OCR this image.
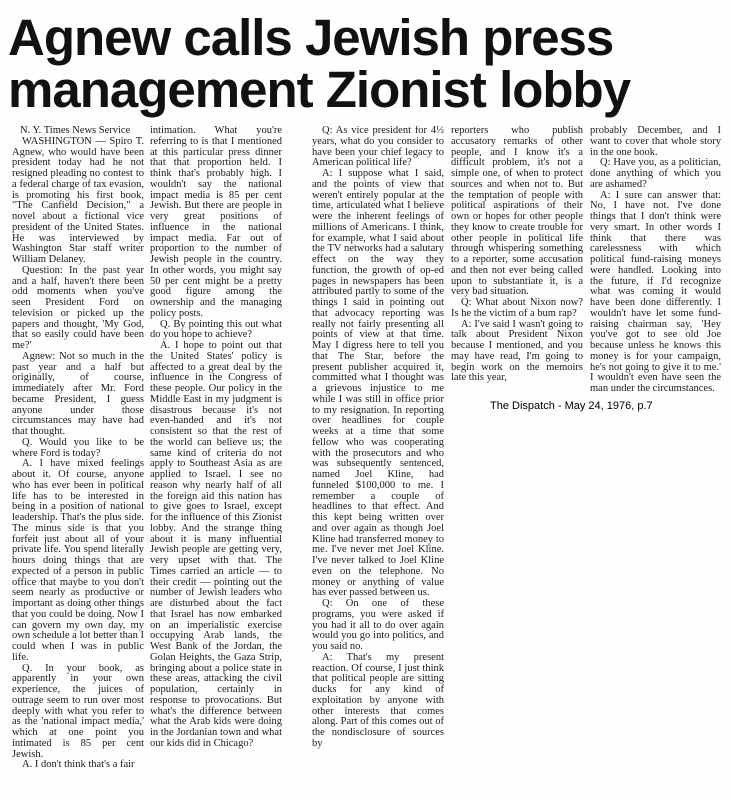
Agnew calls Jewish press management Zionist lobby

N. Y. Times News Service

WASHINGTON — Spiro T. Agnew, who would have been president today had he not resigned pleading no contest to a federal charge of tax evasion, is promoting his first book, "The Canfield Decision," a novel about a fictional vice president of the United States. He was interviewed by Washington Star staff writer William Delaney.

Question: In the past year and a half, haven't there been odd moments when you've seen President Ford on television or picked up the papers and thought, 'My God, that so easily could have been me?'

Agnew: Not so much in the past year and a half but originally, of course, immediately after Mr. Ford became President, I guess anyone under those circumstances may have had that thought.

Q. Would you like to be where Ford is today?

A. I have mixed feelings about it. Of course, anyone who has ever been in political life has to be interested in being in a position of national leadership. That's the plus side. The minus side is that you forfeit just about all of your private life. You spend literally hours doing things that are expected of a person in public office that maybe to you don't seem nearly as productive or important as doing other things that you could be doing. Now I can govern my own day, my own schedule a lot better than I could when I was in public life.

Q. In your book, as apparently in your own experience, the juices of outrage seem to run over most deeply with what you refer to as the 'national impact media,' which at one point you intimated is 85 per cent Jewish.

A. I don't think that's a fair

intimation. What you're referring to is that I mentioned at this particular press dinner that that proportion held. I think that's probably high. I wouldn't say the national impact media is 85 per cent Jewish. But there are people in very great positions of influence in the national impact media. Far out of proportion to the number of Jewish people in the country. In other words, you might say 50 per cent might be a pretty good figure among the ownership and the managing policy posts.

Q. By pointing this out what do you hope to achieve?

A. I hope to point out that the United States' policy is affected to a great deal by the influence in the Congress of these people. Our policy in the Middle East in my judgment is disastrous because it's not even-handed and it's not consistent so that the rest of the world can believe us; the same kind of criteria do not apply to Southeast Asia as are applied to Israel. I see no reason why nearly half of all the foreign aid this nation has to give goes to Israel, except for the influence of this Zionist lobby. And the strange thing about it is many influential Jewish people are getting very, very upset with that. The Times carried an article — to their credit — pointing out the number of Jewish leaders who are disturbed about the fact that Israel has now embarked on an imperialistic exercise occupying Arab lands, the West Bank of the Jordan, the Golan Heights, the Gaza Strip, bringing about a police state in these areas, attacking the civil population, certainly in response to provocations. But what's the difference between what the Arab kids were doing in the Jordanian town and what our kids did in Chicago?

Q: As vice president for 4½ years, what do you consider to have been your chief legacy to American political life?

A: I suppose what I said, and the points of view that weren't entirely popular at the time, articulated what I believe were the inherent feelings of millions of Americans. I think, for example, what I said about the TV networks had a salutary effect on the way they function, the growth of op-ed pages in newspapers has been attributed partly to some of the things I said in pointing out that advocacy reporting was really not fairly presenting all points of view at that time. May I digress here to tell you that The Star, before the present publisher acquired it, committed what I thought was a grievous injustice to me while I was still in office prior to my resignation. In reporting over headlines for couple weeks at a time that some fellow who was cooperating with the prosecutors and who was subsequently sentenced, named Joel Kline, had funneled $100,000 to me. I remember a couple of headlines to that effect. And this kept being written over and over again as though Joel Kline had transferred money to me. I've never met Joel Kline. I've never talked to Joel Kline even on the telephone. No money or anything of value has ever passed between us.

Q: On one of these programs, you were asked if you had it all to do over again would you go into politics, and you said no.

A: That's my present reaction. Of course, I just think that political people are sitting ducks for any kind of exploitation by anyone with other interests that comes along. Part of this comes out of the nondisclosure of sources by

reporters who publish accusatory remarks of other people, and I know it's a difficult problem, it's not a simple one, of when to protect sources and when not to. But the temptation of people with political aspirations of their own or hopes for other people they know to create trouble for other people in political life through whispering something to a reporter, some accusation and then not ever being called upon to substantiate it, is a very bad situation.

Q: What about Nixon now? Is he the victim of a bum rap?

A: I've said I wasn't going to talk about President Nixon because I mentioned, and you may have read, I'm going to begin work on the memoirs late this year,

probably December, and I want to cover that whole story in the one book.

Q: Have you, as a politician, done anything of which you are ashamed?

A: I sure can answer that: No, I have not. I've done things that I don't think were very smart. In other words I think that there was carelessness with which political fund-raising moneys were handled. Looking into the future, if I'd recognize what was coming it would have been done differently. I wouldn't have let some fund-raising chairman say, 'Hey you've got to see old Joe because unless he knows this money is for your campaign, he's not going to give it to me.' I wouldn't even have seen the man under the circumstances.

The Dispatch - May 24, 1976, p.7
